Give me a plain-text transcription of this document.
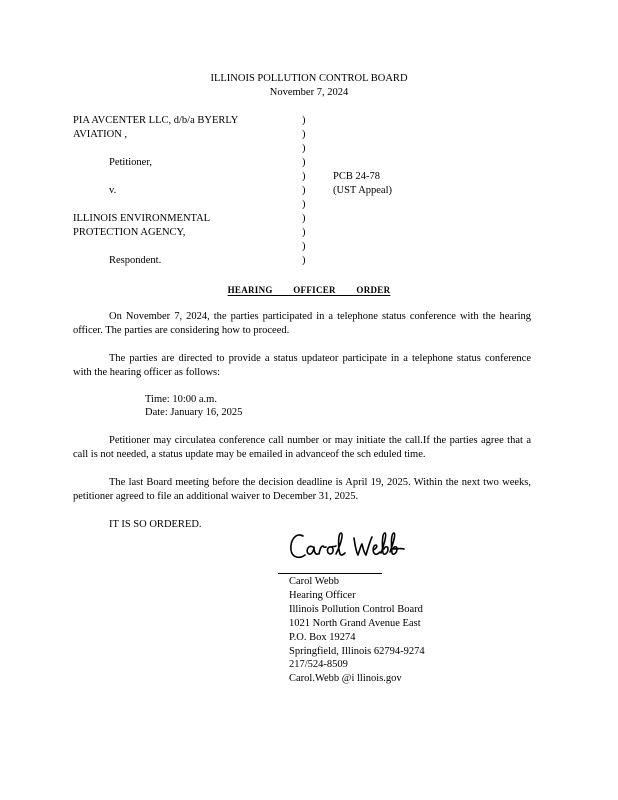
ILLINOIS POLLUTION CONTROL BOARD
November 7, 2024
PIA AVCENTER LLC, d/b/a BYERLY
AVIATION ,
Petitioner,
v.
ILLINOIS ENVIRONMENTAL
PROTECTION AGENCY,
Respondent.
)
)
)
)
)
)
)
)
)
)
)
PCB 24-78
(UST Appeal)
HEARING OFFICER ORDER
On November 7, 2024, the parties participated in a telephone status conference with the hearing officer. The parties are considering how to proceed.
The parties are directed to provide a status updateor participate in a telephone status conference with the hearing officer as follows:
Time: 10:00 a.m.
Date: January 16, 2025
Petitioner may circulatea conference call number or may initiate the call.If the parties agree that a call is not needed, a status update may be emailed in advanceof the sch eduled time.
The last Board meeting before the decision deadline is April 19, 2025. Within the next two weeks, petitioner agreed to file an additional waiver to December 31, 2025.
IT IS SO ORDERED.
Carol Webb
Hearing Officer
Illinois Pollution Control Board
1021 North Grand Avenue East
P.O. Box 19274
Springfield, Illinois 62794-9274
217/524-8509
Carol.Webb @i llinois.gov
